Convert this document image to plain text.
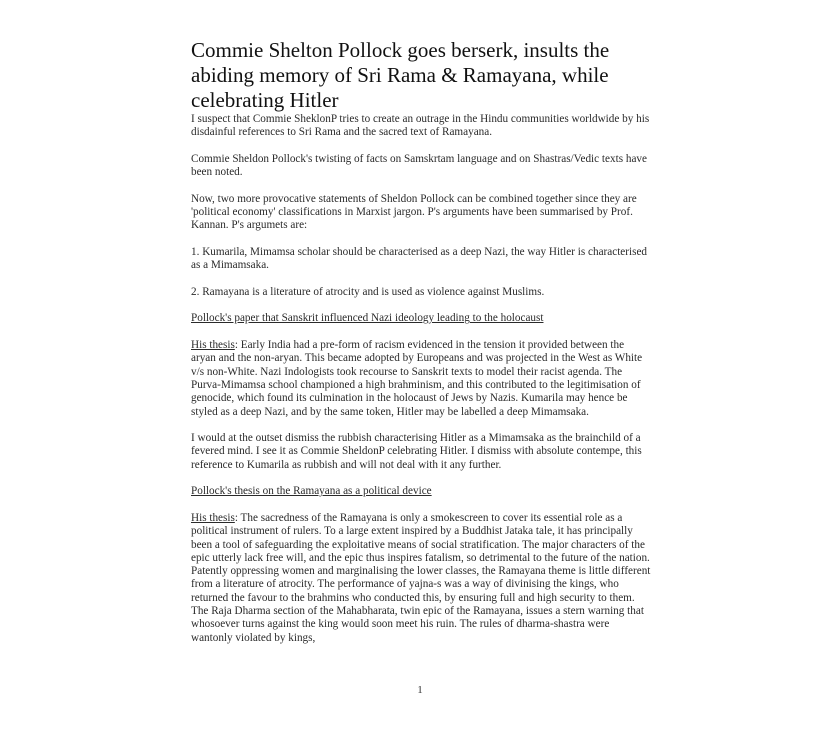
Commie Shelton Pollock goes berserk, insults the abiding memory of Sri Rama & Ramayana, while celebrating Hitler

I suspect that Commie SheklonP tries to create an outrage in the Hindu communities worldwide by his disdainful references to Sri Rama and the sacred text of Ramayana.

Commie Sheldon Pollock's twisting of facts on Samskrtam language and on Shastras/Vedic texts have been noted.

Now, two more provocative statements of Sheldon Pollock can be combined together since they are 'political economy' classifications in Marxist jargon. P's arguments have been summarised by Prof. Kannan. P's argumets are:

1. Kumarila, Mimamsa scholar should be characterised as a deep Nazi, the way Hitler is characterised as a Mimamsaka.

2. Ramayana is a literature of atrocity and is used as violence against Muslims.

Pollock's paper that Sanskrit influenced Nazi ideology leading to the holocaust

His thesis: Early India had a pre-form of racism evidenced in the tension it provided between the aryan and the non-aryan. This became adopted by Europeans and was projected in the West as White v/s non-White. Nazi Indologists took recourse to Sanskrit texts to model their racist agenda. The Purva-Mimamsa school championed a high brahminism, and this contributed to the legitimisation of genocide, which found its culmination in the holocaust of Jews by Nazis. Kumarila may hence be styled as a deep Nazi, and by the same token, Hitler may be labelled a deep Mimamsaka.

I would at the outset dismiss the rubbish characterising Hitler as a Mimamsaka as the brainchild of a fevered mind. I see it as Commie SheldonP celebrating Hitler. I dismiss with absolute contempe, this reference to Kumarila as rubbish and will not deal with it any further.

Pollock's thesis on the Ramayana as a political device

His thesis: The sacredness of the Ramayana is only a smokescreen to cover its essential role as a political instrument of rulers. To a large extent inspired by a Buddhist Jataka tale, it has principally been a tool of safeguarding the exploitative means of social stratification. The major characters of the epic utterly lack free will, and the epic thus inspires fatalism, so detrimental to the future of the nation. Patently oppressing women and marginalising the lower classes, the Ramayana theme is little different from a literature of atrocity. The performance of yajna-s was a way of divinising the kings, who returned the favour to the brahmins who conducted this, by ensuring full and high security to them. The Raja Dharma section of the Mahabharata, twin epic of the Ramayana, issues a stern warning that whosoever turns against the king would soon meet his ruin. The rules of dharma-shastra were wantonly violated by kings,

1
